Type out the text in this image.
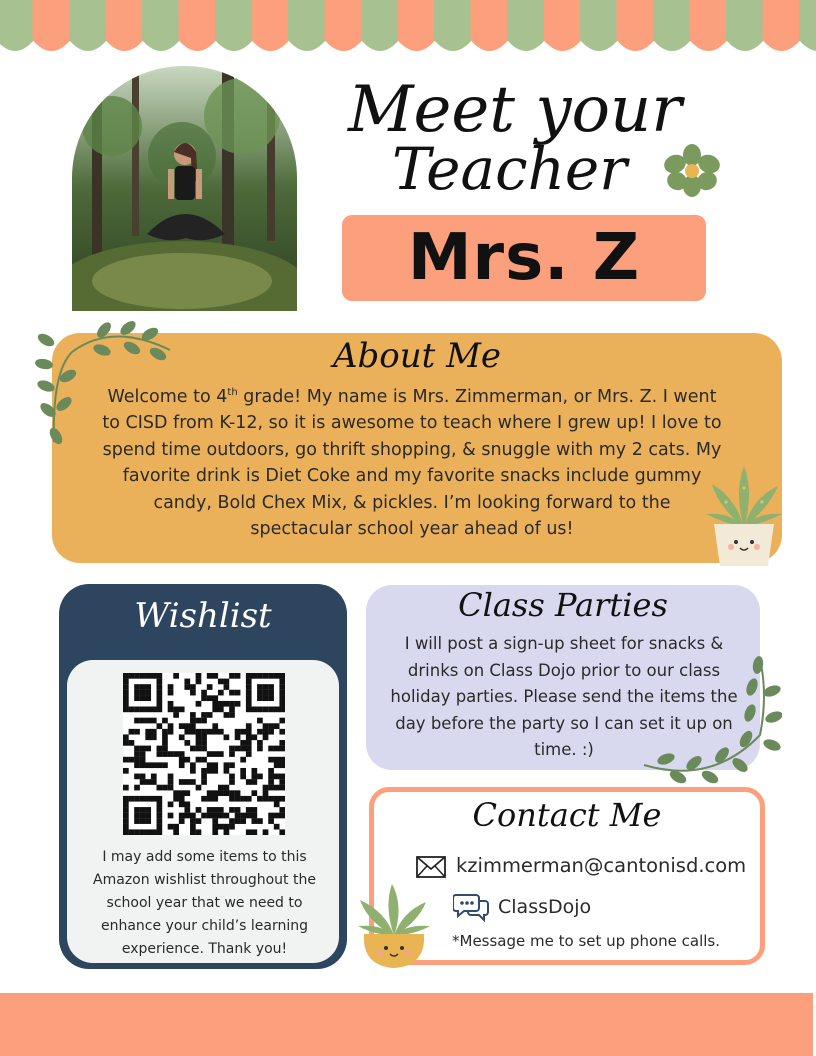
Meet your
Teacher
Mrs. Z
About Me
Welcome to 4th grade! My name is Mrs. Zimmerman, or Mrs. Z. I went to CISD from K-12, so it is awesome to teach where I grew up! I love to spend time outdoors, go thrift shopping, & snuggle with my 2 cats. My favorite drink is Diet Coke and my favorite snacks include gummy candy, Bold Chex Mix, & pickles. I’m looking forward to the spectacular school year ahead of us!
Wishlist
I may add some items to this Amazon wishlist throughout the school year that we need to enhance your child’s learning experience. Thank you!
Class Parties
I will post a sign-up sheet for snacks & drinks on Class Dojo prior to our class holiday parties. Please send the items the day before the party so I can set it up on time. :)
Contact Me
kzimmerman@cantonisd.com
ClassDojo
*Message me to set up phone calls.
